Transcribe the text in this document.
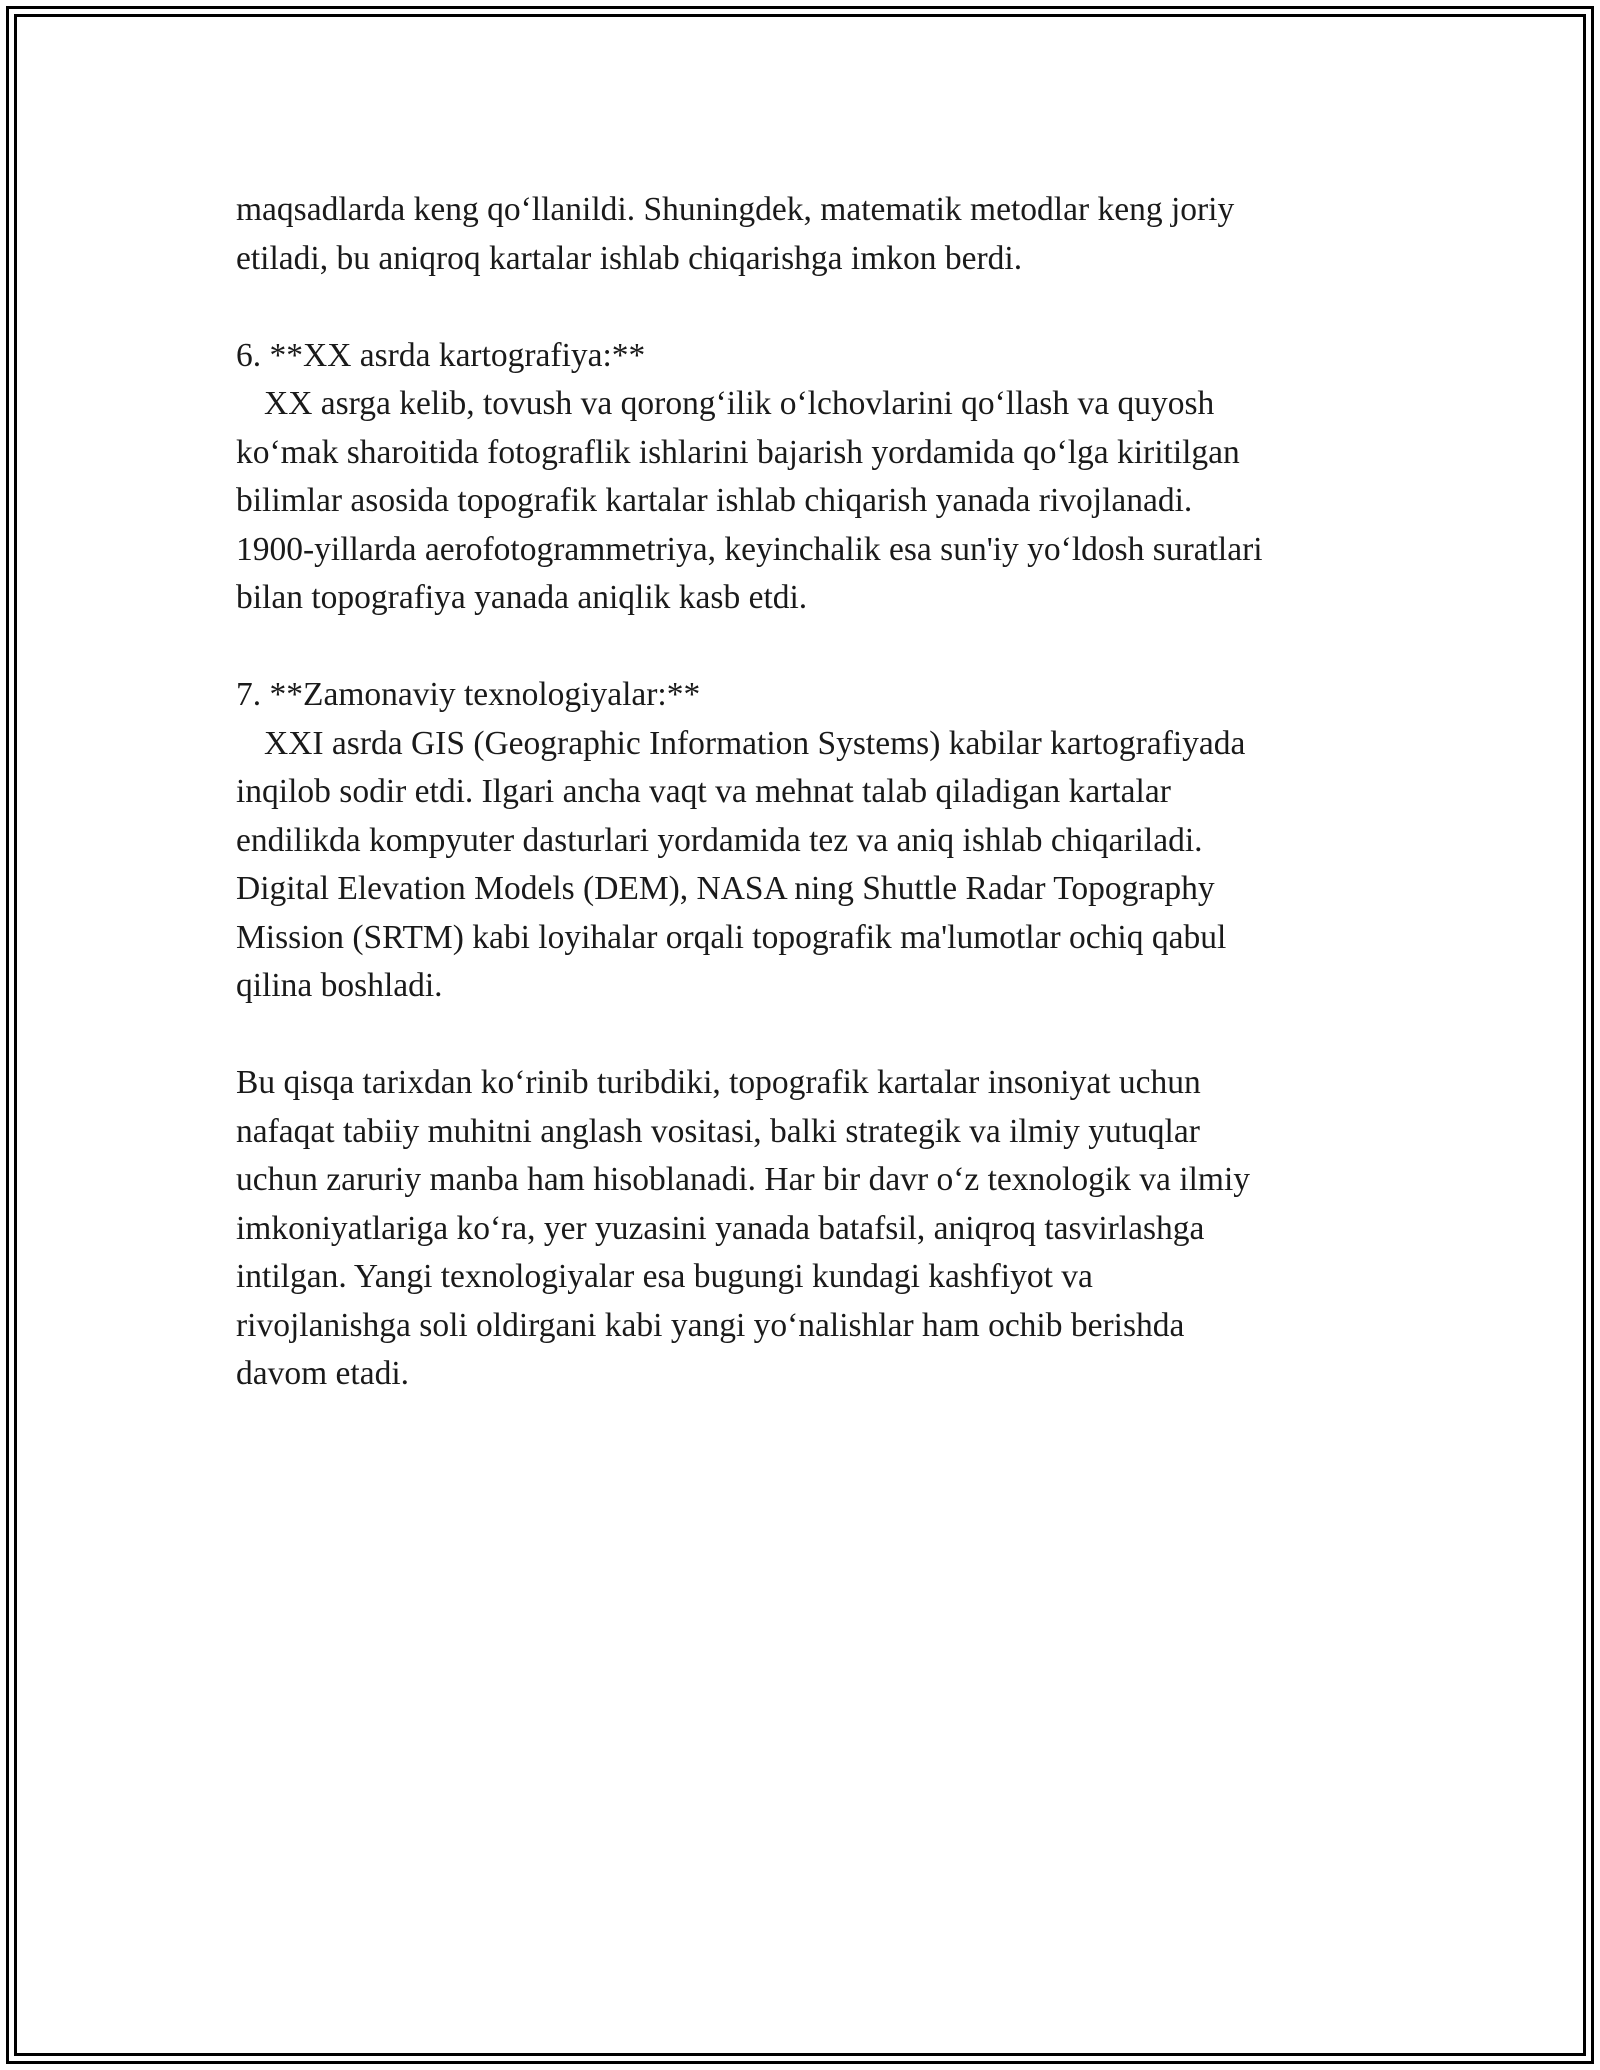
maqsadlarda keng qo‘llanildi. Shuningdek, matematik metodlar keng joriy
etiladi, bu aniqroq kartalar ishlab chiqarishga imkon berdi.

6. **XX asrda kartografiya:**
XX asrga kelib, tovush va qorong‘ilik o‘lchovlarini qo‘llash va quyosh
ko‘mak sharoitida fotograflik ishlarini bajarish yordamida qo‘lga kiritilgan
bilimlar asosida topografik kartalar ishlab chiqarish yanada rivojlanadi.
1900-yillarda aerofotogrammetriya, keyinchalik esa sun'iy yo‘ldosh suratlari
bilan topografiya yanada aniqlik kasb etdi.

7. **Zamonaviy texnologiyalar:**
XXI asrda GIS (Geographic Information Systems) kabilar kartografiyada
inqilob sodir etdi. Ilgari ancha vaqt va mehnat talab qiladigan kartalar
endilikda kompyuter dasturlari yordamida tez va aniq ishlab chiqariladi.
Digital Elevation Models (DEM), NASA ning Shuttle Radar Topography
Mission (SRTM) kabi loyihalar orqali topografik ma'lumotlar ochiq qabul
qilina boshladi.

Bu qisqa tarixdan ko‘rinib turibdiki, topografik kartalar insoniyat uchun
nafaqat tabiiy muhitni anglash vositasi, balki strategik va ilmiy yutuqlar
uchun zaruriy manba ham hisoblanadi. Har bir davr o‘z texnologik va ilmiy
imkoniyatlariga ko‘ra, yer yuzasini yanada batafsil, aniqroq tasvirlashga
intilgan. Yangi texnologiyalar esa bugungi kundagi kashfiyot va
rivojlanishga soli oldirgani kabi yangi yo‘nalishlar ham ochib berishda
davom etadi.
